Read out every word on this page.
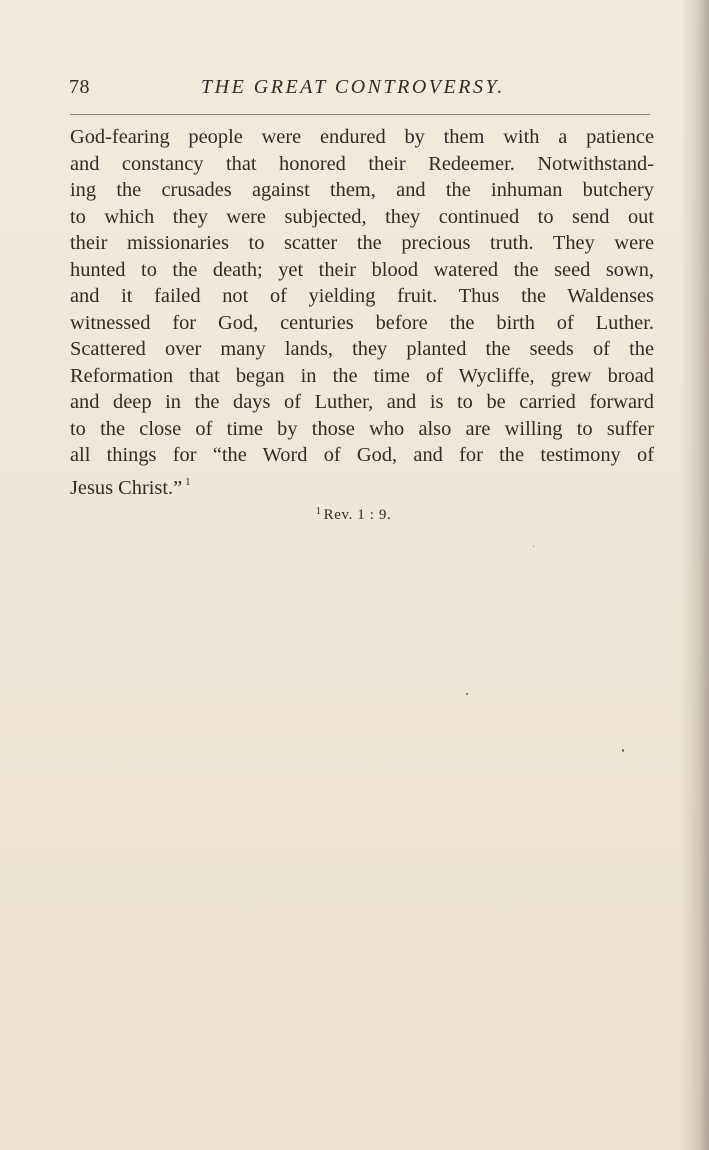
78	THE GREAT CONTROVERSY.
God-fearing people were endured by them with a patience
and constancy that honored their Redeemer. Notwithstand-
ing the crusades against them, and the inhuman butchery
to which they were subjected, they continued to send out
their missionaries to scatter the precious truth. They were
hunted to the death; yet their blood watered the seed sown,
and it failed not of yielding fruit. Thus the Waldenses
witnessed for God, centuries before the birth of Luther.
Scattered over many lands, they planted the seeds of the
Reformation that began in the time of Wycliffe, grew broad
and deep in the days of Luther, and is to be carried forward
to the close of time by those who also are willing to suffer
all things for “the Word of God, and for the testimony of
Jesus Christ.” $^1$
$^1$ Rev. 1 : 9.
